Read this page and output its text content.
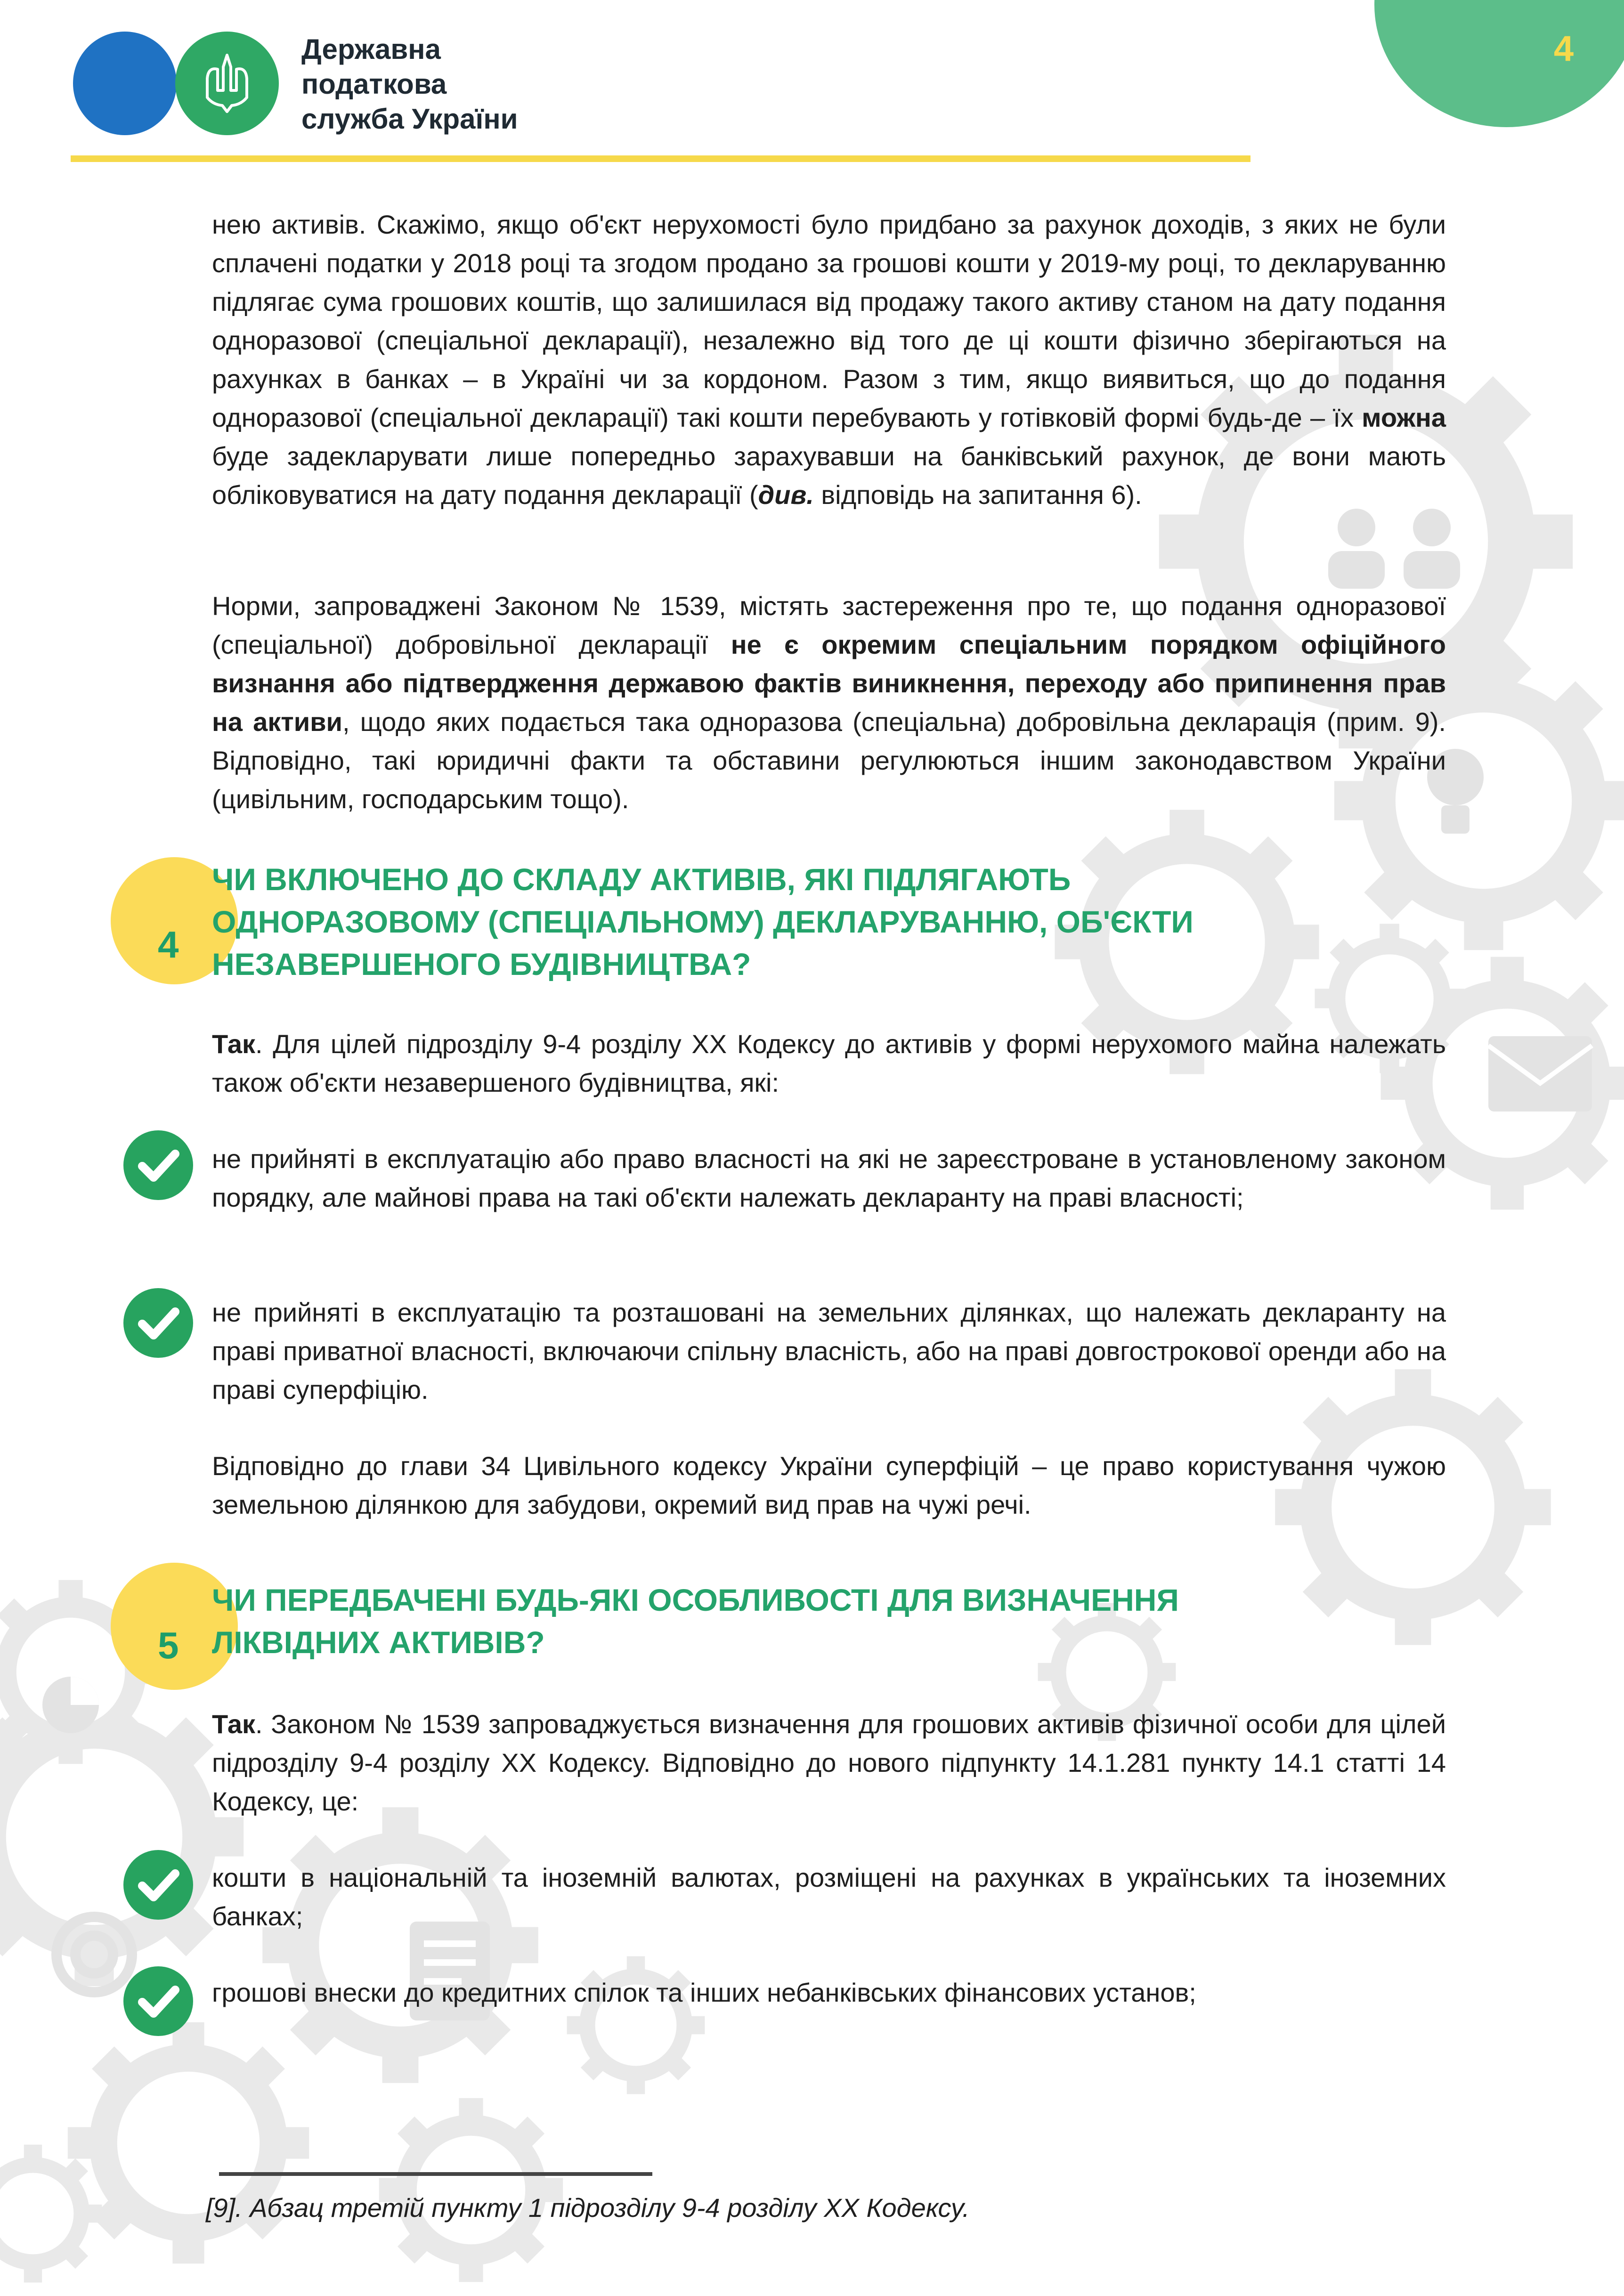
4
Державна
податкова
служба України

нею активів. Скажімо, якщо об'єкт нерухомості було придбано за рахунок доходів, з яких не були сплачені податки у 2018 році та згодом продано за грошові кошти у 2019-му році, то декларуванню підлягає сума грошових коштів, що залишилася від продажу такого активу станом на дату подання одноразової (спеціальної декларації), незалежно від того де ці кошти фізично зберігаються на рахунках в банках – в Україні чи за кордоном. Разом з тим, якщо виявиться, що до подання одноразової (спеціальної декларації) такі кошти перебувають у готівковій формі будь-де – їх можна буде задекларувати лише попередньо зарахувавши на банківський рахунок, де вони мають обліковуватися на дату подання декларації (див. відповідь на запитання 6).

Норми, запроваджені Законом № 1539, містять застереження про те, що подання одноразової (спеціальної) добровільної декларації не є окремим спеціальним порядком офіційного визнання або підтвердження державою фактів виникнення, переходу або припинення прав на активи, щодо яких подається така одноразова (спеціальна) добровільна декларація (прим. 9). Відповідно, такі юридичні факти та обставини регулюються іншим законодавством України (цивільним, господарським тощо).

4
ЧИ ВКЛЮЧЕНО ДО СКЛАДУ АКТИВІВ, ЯКІ ПІДЛЯГАЮТЬ
ОДНОРАЗОВОМУ (СПЕЦІАЛЬНОМУ) ДЕКЛАРУВАННЮ, ОБ'ЄКТИ
НЕЗАВЕРШЕНОГО БУДІВНИЦТВА?

Так. Для цілей підрозділу 9-4 розділу XX Кодексу до активів у формі нерухомого майна належать також об'єкти незавершеного будівництва, які:

не прийняті в експлуатацію або право власності на які не зареєстроване в установленому законом порядку, але майнові права на такі об'єкти належать декларанту на праві власності;

не прийняті в експлуатацію та розташовані на земельних ділянках, що належать декларанту на праві приватної власності, включаючи спільну власність, або на праві довгострокової оренди або на праві суперфіцію.

Відповідно до глави 34 Цивільного кодексу України суперфіцій – це право користування чужою земельною ділянкою для забудови, окремий вид прав на чужі речі.

5
ЧИ ПЕРЕДБАЧЕНІ БУДЬ-ЯКІ ОСОБЛИВОСТІ ДЛЯ ВИЗНАЧЕННЯ
ЛІКВІДНИХ АКТИВІВ?

Так. Законом № 1539 запроваджується визначення для грошових активів фізичної особи для цілей підрозділу 9-4 розділу XX Кодексу. Відповідно до нового підпункту 14.1.281 пункту 14.1 статті 14 Кодексу, це:

кошти в національній та іноземній валютах, розміщені на рахунках в українських та іноземних банках;

грошові внески до кредитних спілок та інших небанківських фінансових установ;

[9]. Абзац третій пункту 1 підрозділу 9-4 розділу XX Кодексу.
